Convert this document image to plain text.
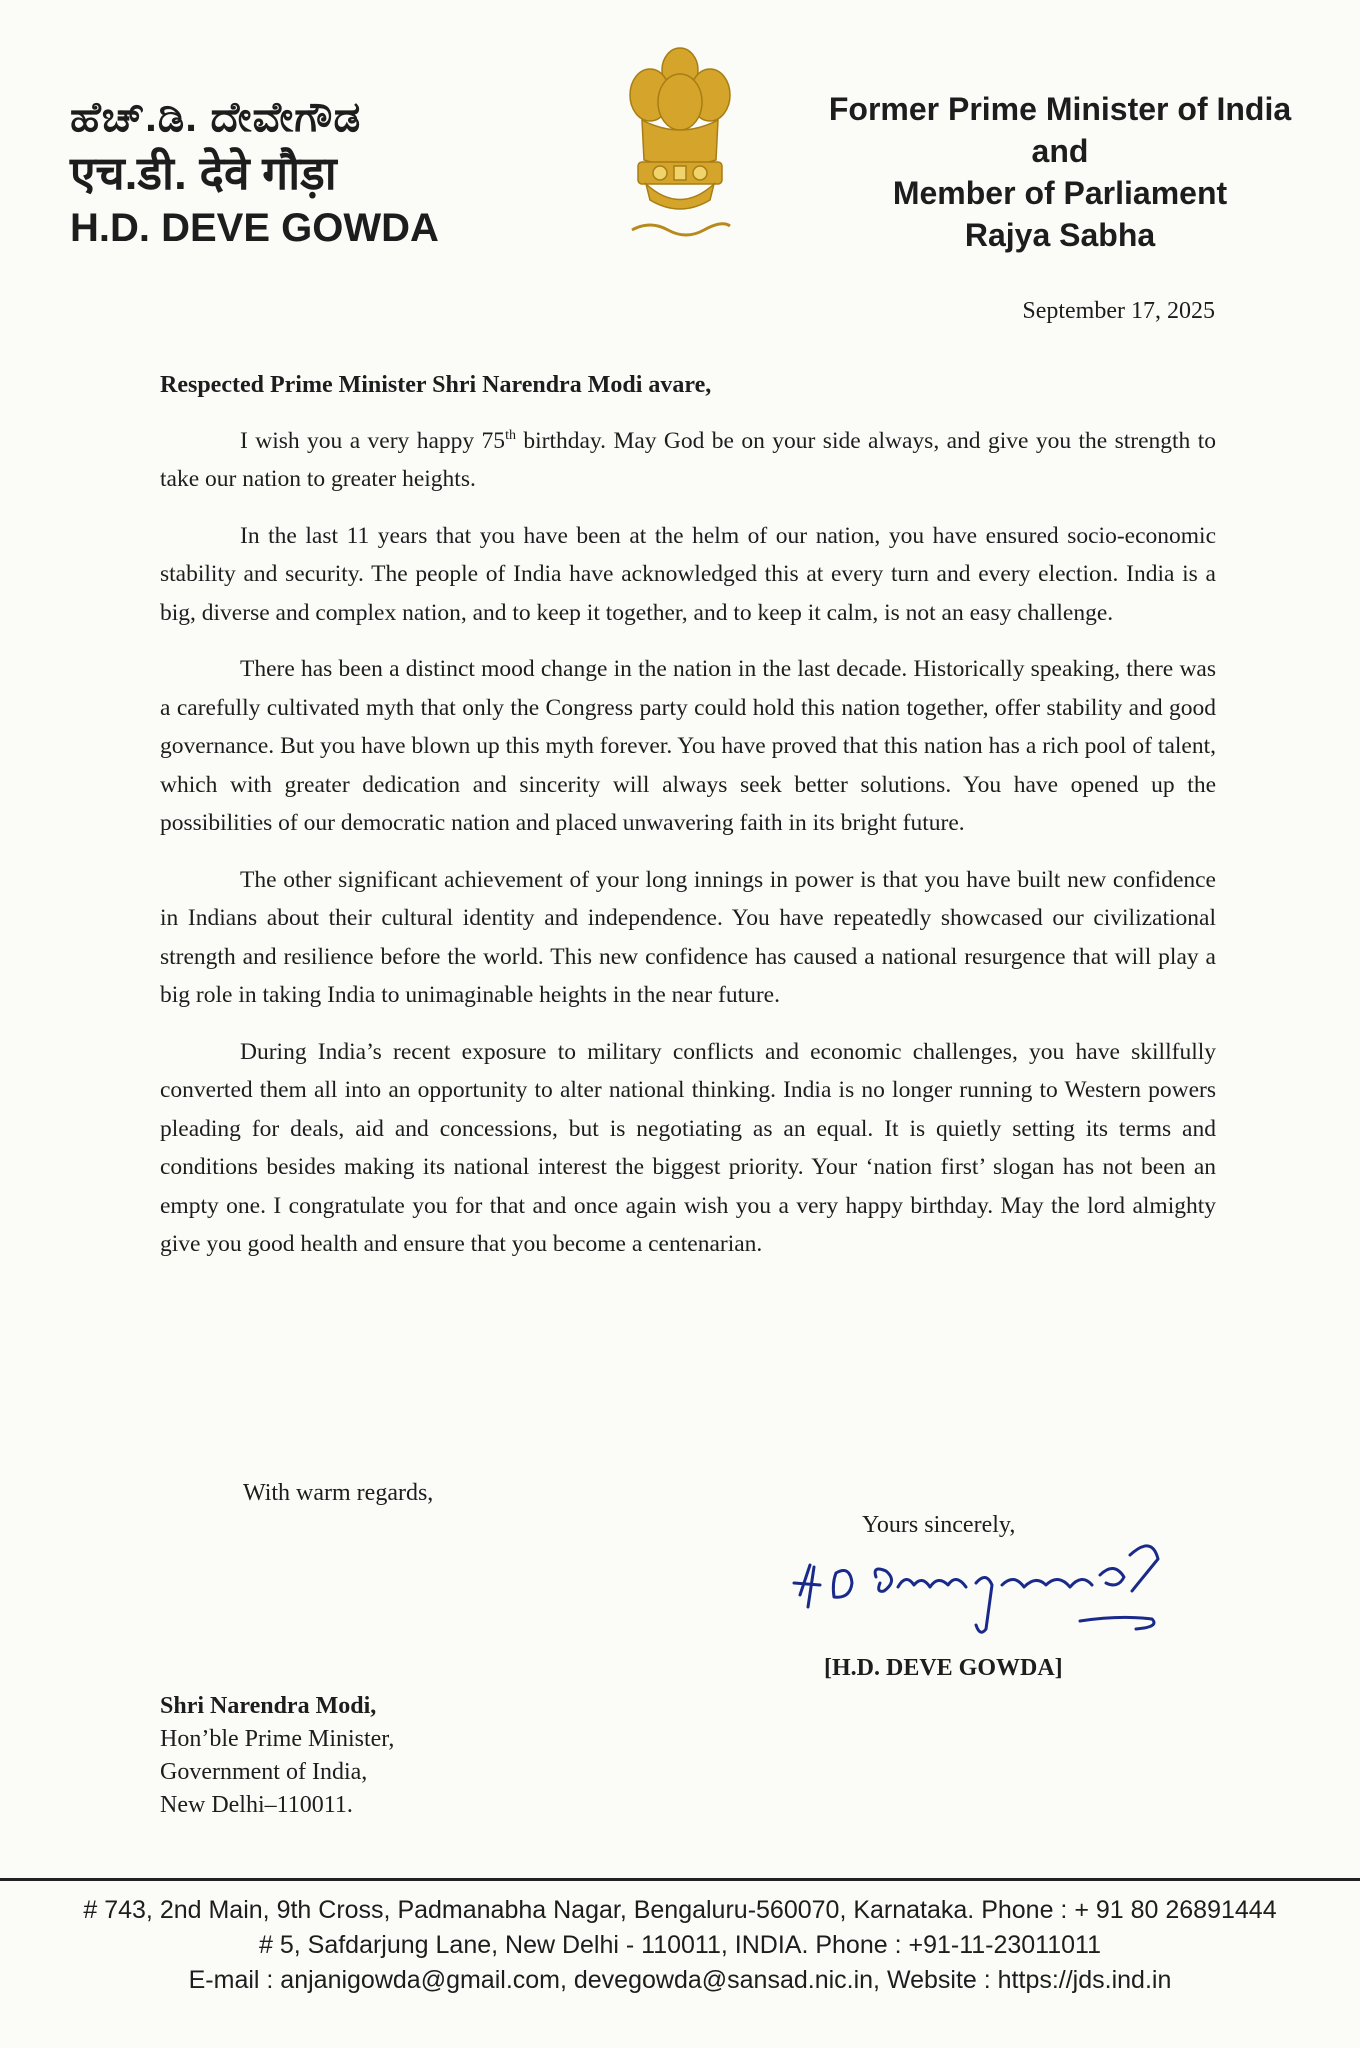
ಹೆಚ್.ಡಿ. ದೇವೇಗೌಡ
एच.डी. देवे गौड़ा
H.D. DEVE GOWDA
Former Prime Minister of India
and
Member of Parliament
Rajya Sabha
September 17, 2025
Respected Prime Minister Shri Narendra Modi avare,

I wish you a very happy 75th birthday. May God be on your side always, and give you the strength to take our nation to greater heights.

In the last 11 years that you have been at the helm of our nation, you have ensured socio-economic stability and security. The people of India have acknowledged this at every turn and every election. India is a big, diverse and complex nation, and to keep it together, and to keep it calm, is not an easy challenge.

There has been a distinct mood change in the nation in the last decade. Historically speaking, there was a carefully cultivated myth that only the Congress party could hold this nation together, offer stability and good governance. But you have blown up this myth forever. You have proved that this nation has a rich pool of talent, which with greater dedication and sincerity will always seek better solutions. You have opened up the possibilities of our democratic nation and placed unwavering faith in its bright future.

The other significant achievement of your long innings in power is that you have built new confidence in Indians about their cultural identity and independence. You have repeatedly showcased our civilizational strength and resilience before the world. This new confidence has caused a national resurgence that will play a big role in taking India to unimaginable heights in the near future.

During India’s recent exposure to military conflicts and economic challenges, you have skillfully converted them all into an opportunity to alter national thinking. India is no longer running to Western powers pleading for deals, aid and concessions, but is negotiating as an equal. It is quietly setting its terms and conditions besides making its national interest the biggest priority. Your ‘nation first’ slogan has not been an empty one. I congratulate you for that and once again wish you a very happy birthday. May the lord almighty give you good health and ensure that you become a centenarian.

With warm regards,
Yours sincerely,
[H.D. DEVE GOWDA]
Shri Narendra Modi,
Hon’ble Prime Minister,
Government of India,
New Delhi–110011.
# 743, 2nd Main, 9th Cross, Padmanabha Nagar, Bengaluru-560070, Karnataka. Phone : + 91 80 26891444
# 5, Safdarjung Lane, New Delhi - 110011, INDIA. Phone : +91-11-23011011
E-mail : anjanigowda@gmail.com, devegowda@sansad.nic.in, Website : https://jds.ind.in
